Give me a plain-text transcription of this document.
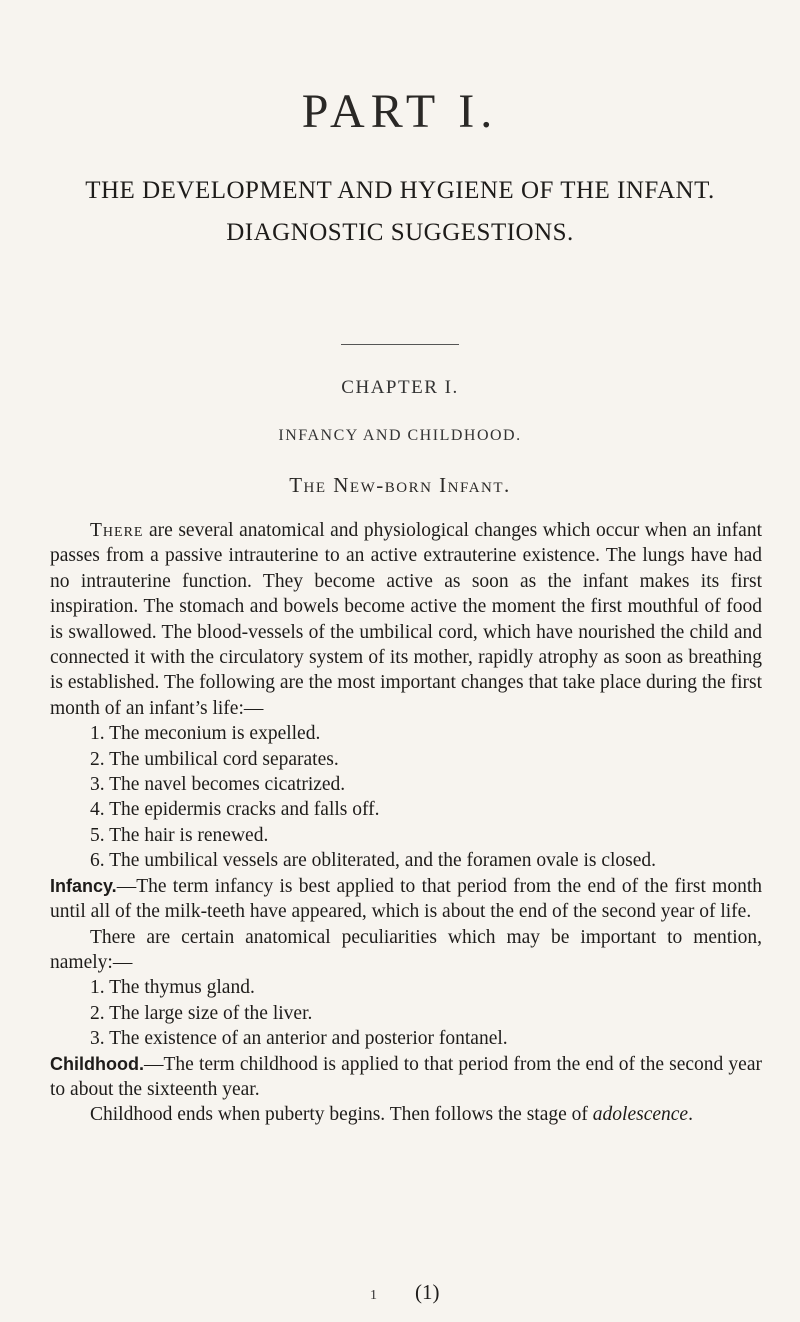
PART I.
THE DEVELOPMENT AND HYGIENE OF THE INFANT.
DIAGNOSTIC SUGGESTIONS.
CHAPTER I.
INFANCY AND CHILDHOOD.
The New-born Infant.

There are several anatomical and physiological changes which occur when an infant passes from a passive intrauterine to an active extrauterine existence. The lungs have had no intrauterine function. They become active as soon as the infant makes its first inspiration. The stomach and bowels become active the moment the first mouthful of food is swallowed. The blood-vessels of the umbilical cord, which have nourished the child and connected it with the circulatory system of its mother, rapidly atrophy as soon as breathing is established. The following are the most important changes that take place during the first month of an infant’s life:—

1. The meconium is expelled.

2. The umbilical cord separates.

3. The navel becomes cicatrized.

4. The epidermis cracks and falls off.

5. The hair is renewed.

6. The umbilical vessels are obliterated, and the foramen ovale is closed.

Infancy.—The term infancy is best applied to that period from the end of the first month until all of the milk-teeth have appeared, which is about the end of the second year of life.

There are certain anatomical peculiarities which may be important to mention, namely:—

1. The thymus gland.

2. The large size of the liver.

3. The existence of an anterior and posterior fontanel.

Childhood.—The term childhood is applied to that period from the end of the second year to about the sixteenth year.

Childhood ends when puberty begins. Then follows the stage of adolescence.

1 (1)
